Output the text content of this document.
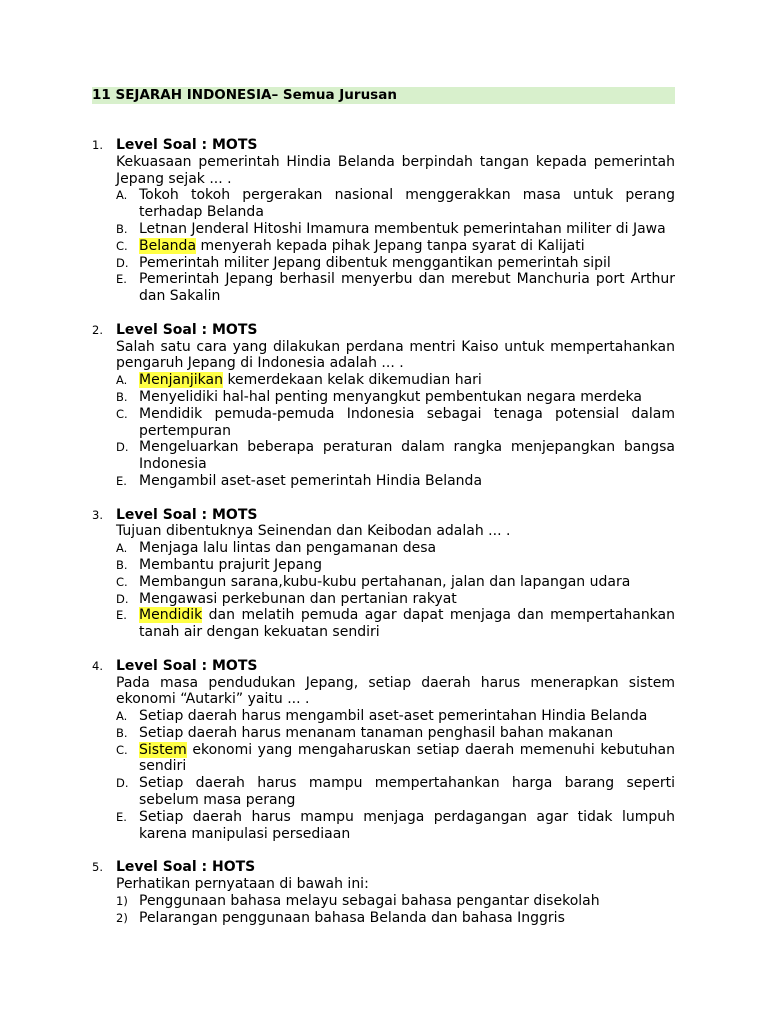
11 SEJARAH INDONESIA– Semua Jurusan
1. Level Soal : MOTS
Kekuasaan pemerintah Hindia Belanda berpindah tangan kepada pemerintah Jepang sejak ... .
A. Tokoh tokoh pergerakan nasional menggerakkan masa untuk perang terhadap Belanda
B. Letnan Jenderal Hitoshi Imamura membentuk pemerintahan militer di Jawa
C. Belanda menyerah kepada pihak Jepang tanpa syarat di Kalijati
D. Pemerintah militer Jepang dibentuk menggantikan pemerintah sipil
E. Pemerintah Jepang berhasil menyerbu dan merebut Manchuria port Arthur dan Sakalin
2. Level Soal : MOTS
Salah satu cara yang dilakukan perdana mentri Kaiso untuk mempertahankan pengaruh Jepang di Indonesia adalah ... .
A. Menjanjikan kemerdekaan kelak dikemudian hari
B. Menyelidiki hal-hal penting menyangkut pembentukan negara merdeka
C. Mendidik pemuda-pemuda Indonesia sebagai tenaga potensial dalam pertempuran
D. Mengeluarkan beberapa peraturan dalam rangka menjepangkan bangsa Indonesia
E. Mengambil aset-aset pemerintah Hindia Belanda
3. Level Soal : MOTS
Tujuan dibentuknya Seinendan dan Keibodan adalah ... .
A. Menjaga lalu lintas dan pengamanan desa
B. Membantu prajurit Jepang
C. Membangun sarana,kubu-kubu pertahanan, jalan dan lapangan udara
D. Mengawasi perkebunan dan pertanian rakyat
E. Mendidik dan melatih pemuda agar dapat menjaga dan mempertahankan tanah air dengan kekuatan sendiri
4. Level Soal : MOTS
Pada masa pendudukan Jepang, setiap daerah harus menerapkan sistem ekonomi “Autarki” yaitu ... .
A. Setiap daerah harus mengambil aset-aset pemerintahan Hindia Belanda
B. Setiap daerah harus menanam tanaman penghasil bahan makanan
C. Sistem ekonomi yang mengaharuskan setiap daerah memenuhi kebutuhan sendiri
D. Setiap daerah harus mampu mempertahankan harga barang seperti sebelum masa perang
E. Setiap daerah harus mampu menjaga perdagangan agar tidak lumpuh karena manipulasi persediaan
5. Level Soal : HOTS
Perhatikan pernyataan di bawah ini:
1) Penggunaan bahasa melayu sebagai bahasa pengantar disekolah
2) Pelarangan penggunaan bahasa Belanda dan bahasa Inggris
